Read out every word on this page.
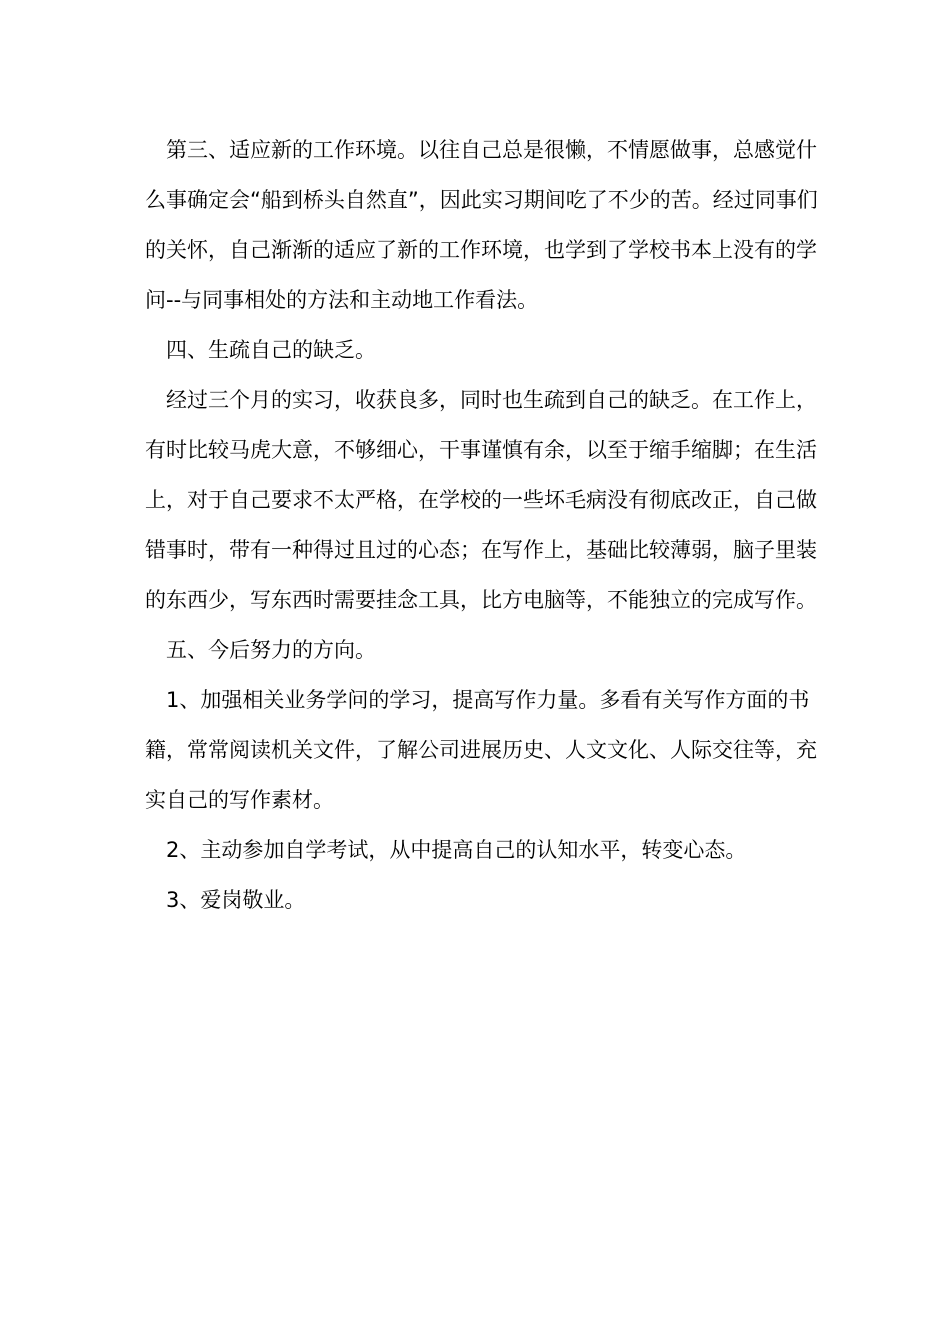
第三、适应新的工作环境。以往自己总是很懒，不情愿做事，总感觉什么事确定会“船到桥头自然直”，因此实习期间吃了不少的苦。经过同事们的关怀，自己渐渐的适应了新的工作环境，也学到了学校书本上没有的学问--与同事相处的方法和主动地工作看法。

四、生疏自己的缺乏。

经过三个月的实习，收获良多，同时也生疏到自己的缺乏。在工作上，有时比较马虎大意，不够细心，干事谨慎有余，以至于缩手缩脚；在生活上，对于自己要求不太严格，在学校的一些坏毛病没有彻底改正，自己做错事时，带有一种得过且过的心态；在写作上，基础比较薄弱，脑子里装的东西少，写东西时需要挂念工具，比方电脑等，不能独立的完成写作。

五、今后努力的方向。

1、加强相关业务学问的学习，提高写作力量。多看有关写作方面的书籍，常常阅读机关文件，了解公司进展历史、人文文化、人际交往等，充实自己的写作素材。

2、主动参加自学考试，从中提高自己的认知水平，转变心态。

3、爱岗敬业。
